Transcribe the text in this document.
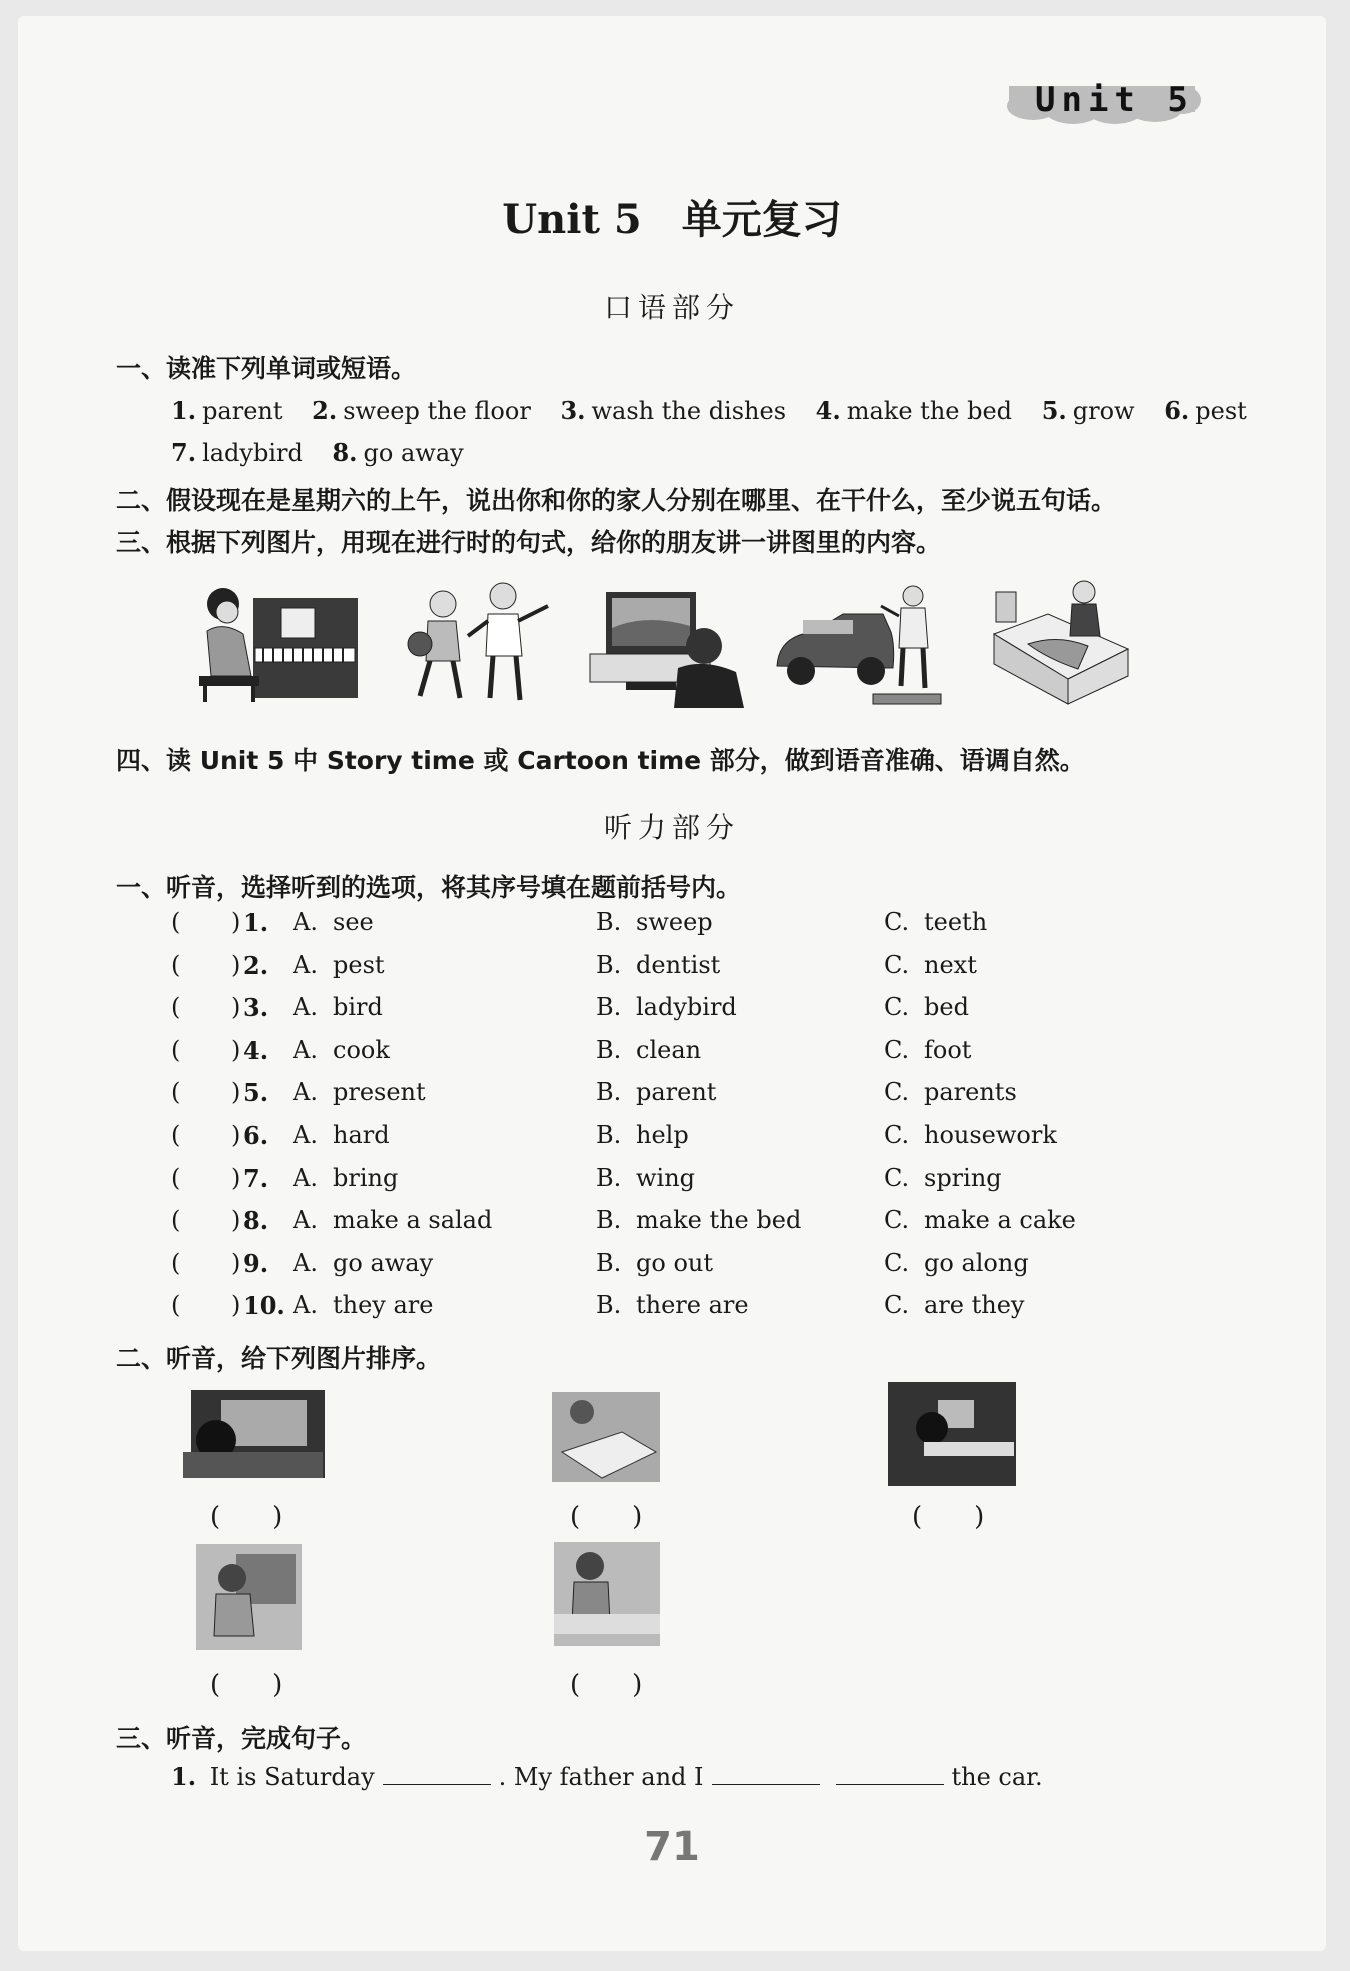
Unit 5
Unit 5　单元复习
口语部分
一、读准下列单词或短语。
1. parent 2. sweep the floor 3. wash the dishes 4. make the bed 5. grow 6. pest
7. ladybird 8. go away
二、假设现在是星期六的上午，说出你和你的家人分别在哪里、在干什么，至少说五句话。
三、根据下列图片，用现在进行时的句式，给你的朋友讲一讲图里的内容。
四、读 Unit 5 中 Story time 或 Cartoon time 部分，做到语音准确、语调自然。
听力部分
一、听音，选择听到的选项，将其序号填在题前括号内。
( ) 1. A. see	B. sweep	C. teeth
( ) 2. A. pest	B. dentist	C. next
( ) 3. A. bird	B. ladybird	C. bed
( ) 4. A. cook	B. clean	C. foot
( ) 5. A. present	B. parent	C. parents
( ) 6. A. hard	B. help	C. housework
( ) 7. A. bring	B. wing	C. spring
( ) 8. A. make a salad	B. make the bed	C. make a cake
( ) 9. A. go away	B. go out	C. go along
( ) 10. A. they are	B. there are	C. are they
二、听音，给下列图片排序。
(　　)	(　　)	(　　)
(　　)	(　　)
三、听音，完成句子。
1. It is Saturday	. My father and I	the car.
71
